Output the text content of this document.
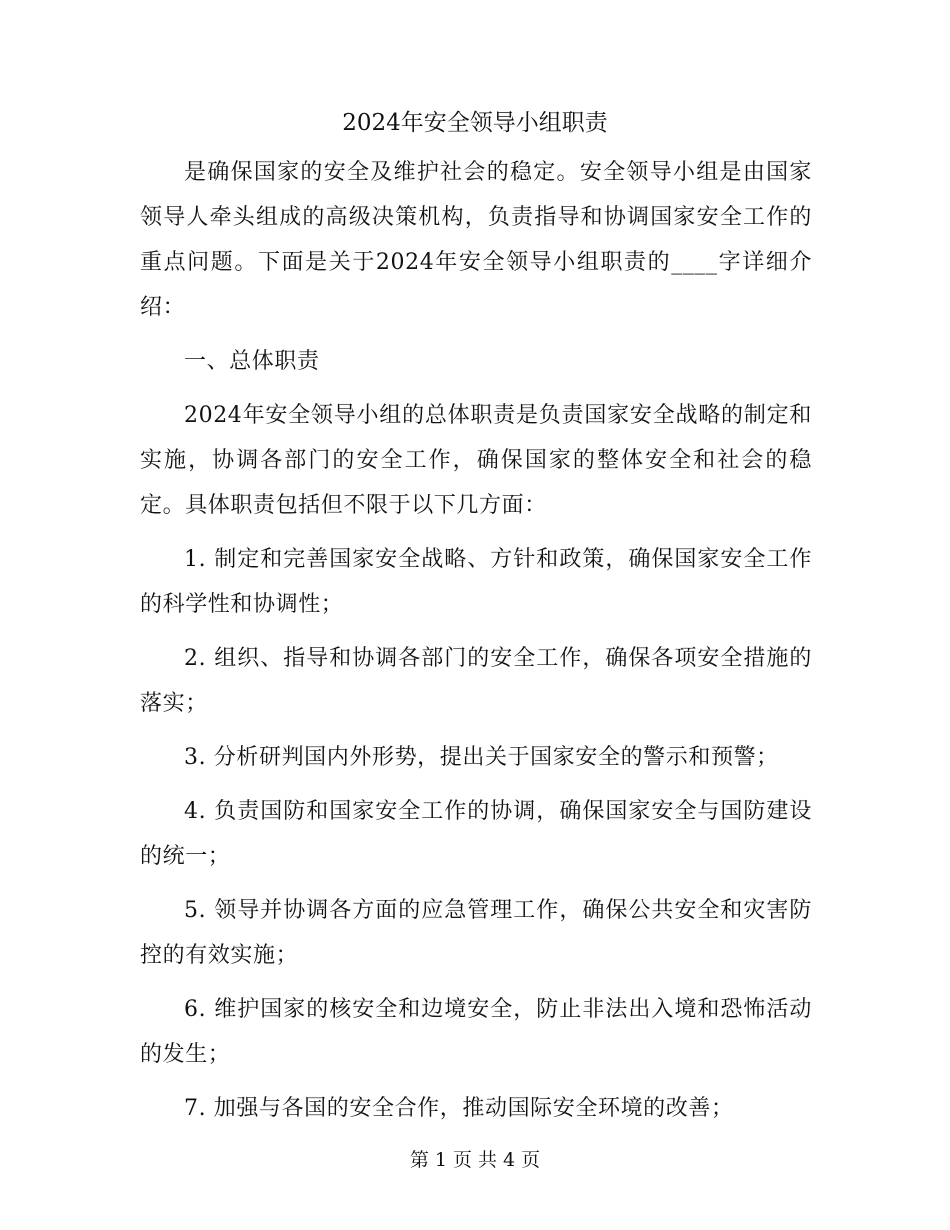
2024年安全领导小组职责

是确保国家的安全及维护社会的稳定。安全领导小组是由国家领导人牵头组成的高级决策机构，负责指导和协调国家安全工作的重点问题。下面是关于2024年安全领导小组职责的____字详细介绍：

一、总体职责

2024年安全领导小组的总体职责是负责国家安全战略的制定和实施，协调各部门的安全工作，确保国家的整体安全和社会的稳定。具体职责包括但不限于以下几方面：

1. 制定和完善国家安全战略、方针和政策，确保国家安全工作的科学性和协调性；

2. 组织、指导和协调各部门的安全工作，确保各项安全措施的落实；

3. 分析研判国内外形势，提出关于国家安全的警示和预警；

4. 负责国防和国家安全工作的协调，确保国家安全与国防建设的统一；

5. 领导并协调各方面的应急管理工作，确保公共安全和灾害防控的有效实施；

6. 维护国家的核安全和边境安全，防止非法出入境和恐怖活动的发生；

7. 加强与各国的安全合作，推动国际安全环境的改善；

第 1 页 共 4 页
